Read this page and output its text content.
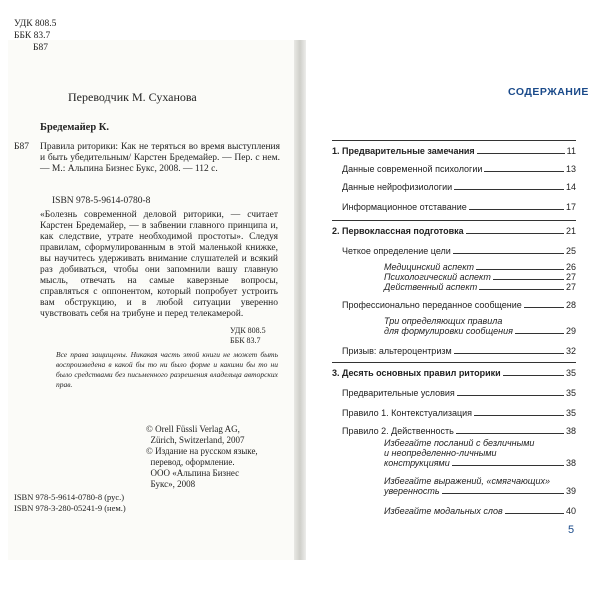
УДК 808.5
ББК 83.7
Б87
Переводчик М. Суханова
Бредемайер К.
Б87 Правила риторики: Как не теряться во время выступления и быть убедительным/ Карстен Бредемайер. — Пер. с нем. — М.: Альпина Бизнес Букс, 2008. — 112 с.
ISBN 978-5-9614-0780-8
«Болезнь современной деловой риторики, — считает Карстен Бредемайер, — в забвении главного принципа и, как следствие, утрате необходимой простоты». Следуя правилам, сформулированным в этой маленькой книжке, вы научитесь удерживать внимание слушателей и всякий раз добиваться, чтобы они запомнили вашу главную мысль, отвечать на самые каверзные вопросы, справляться с оппонентом, который попробует устроить вам обструкцию, и в любой ситуации уверенно чувствовать себя на трибуне и перед телекамерой.
УДК 808.5
ББК 83.7
Все права защищены. Никакая часть этой книги не может быть воспроизведена в какой бы то ни было форме и какими бы то ни было средствами без письменного разрешения владельца авторских прав.
© Orell Füssli Verlag AG,
Zürich, Switzerland, 2007
© Издание на русском языке,
перевод, оформление.
ООО «Альпина Бизнес
Букс», 2008
ISBN 978-5-9614-0780-8 (рус.)
ISBN 978-3-280-05241-9 (нем.)
СОДЕРЖАНИЕ
1. Предварительные замечания	11
Данные современной психологии	13
Данные нейрофизиологии	14
Информационное отставание	17
2. Первоклассная подготовка	21
Четкое определение цели	25
Медицинский аспект	26
Психологический аспект	27
Действенный аспект	27
Профессионально переданное сообщение	28
Три определяющих правила
для формулировки сообщения	29
Призыв: альтероцентризм	32
3. Десять основных правил риторики	35
Предварительные условия	35
Правило 1. Контекстуализация	35
Правило 2. Действенность	38
Избегайте посланий с безличными
и неопределенно-личными
конструкциями	38
Избегайте выражений, «смягчающих»
уверенность	39
Избегайте модальных слов	40
5
